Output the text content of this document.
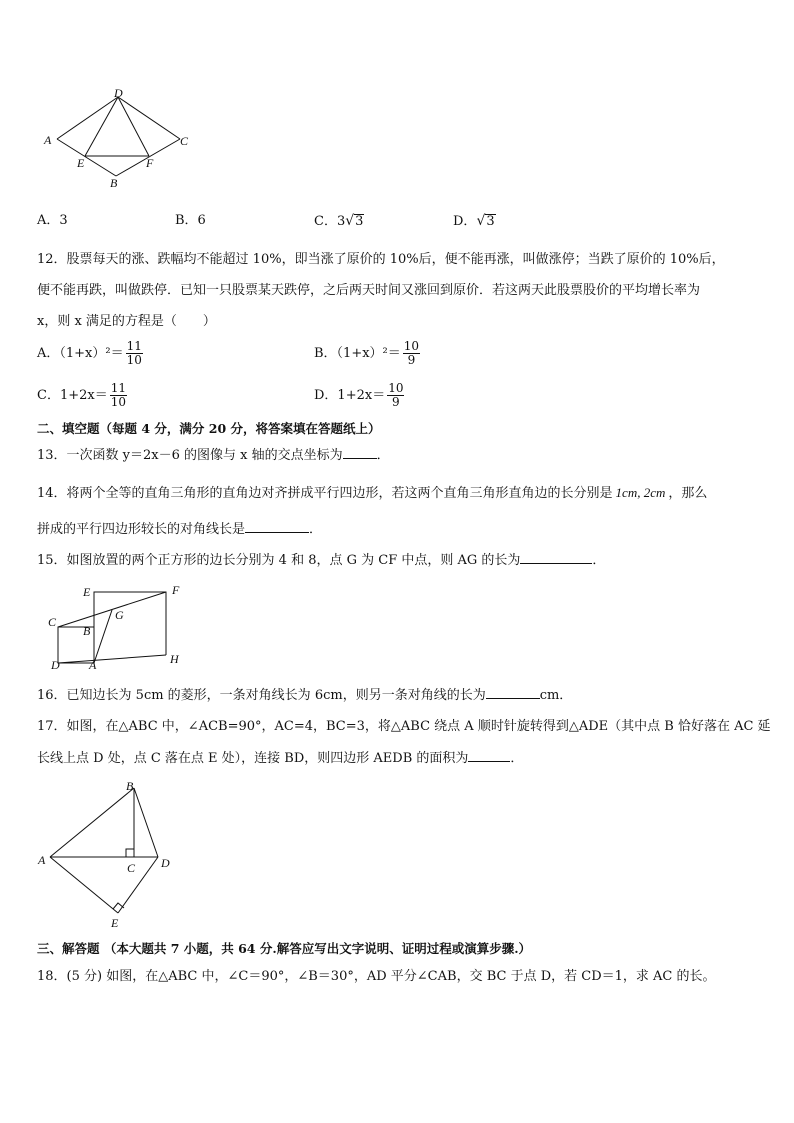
D
A	C
E	F
B
A．3	B．6	C．3√3	D．√3
12．股票每天的涨、跌幅均不能超过 10%，即当涨了原价的 10%后，便不能再涨，叫做涨停；当跌了原价的 10%后，
便不能再跌，叫做跌停．已知一只股票某天跌停，之后两天时间又涨回到原价．若这两天此股票股价的平均增长率为
x，则 x 满足的方程是（　　）
A．$(1+x)^2= \frac{11}{10}$	B．$(1+x)^2= \frac{10}{9}$
C．$1+2x= \frac{11}{10}$	D．$1+2x= \frac{10}{9}$
二、填空题（每题 4 分，满分 20 分，将答案填在答题纸上）
13．一次函数 y＝2x－6 的图像与 x 轴的交点坐标为	．
14．将两个全等的直角三角形的直角边对齐拼成平行四边形，若这两个直角三角形直角边的长分别是 1cm, 2cm ，那么
拼成的平行四边形较长的对角线长是	．
15．如图放置的两个正方形的边长分别为 4 和 8，点 G 为 CF 中点，则 AG 的长为	．
E	F
C	G
B
D A	H
16．已知边长为 5cm 的菱形，一条对角线长为 6cm，则另一条对角线的长为	cm．
17．如图，在△ABC 中，∠ACB=90°，AC=4，BC=3，将△ABC 绕点 A 顺时针旋转得到△ADE（其中点 B 恰好落在 AC 延
长线上点 D 处，点 C 落在点 E 处），连接 BD，则四边形 AEDB 的面积为	．
B
A
C D
E
三、解答题 （本大题共 7 小题，共 64 分.解答应写出文字说明、证明过程或演算步骤.）
18．(5 分) 如图，在△ABC 中，∠C＝90°，∠B＝30°，AD 平分∠CAB，交 BC 于点 D，若 CD＝1，求 AC 的长。
